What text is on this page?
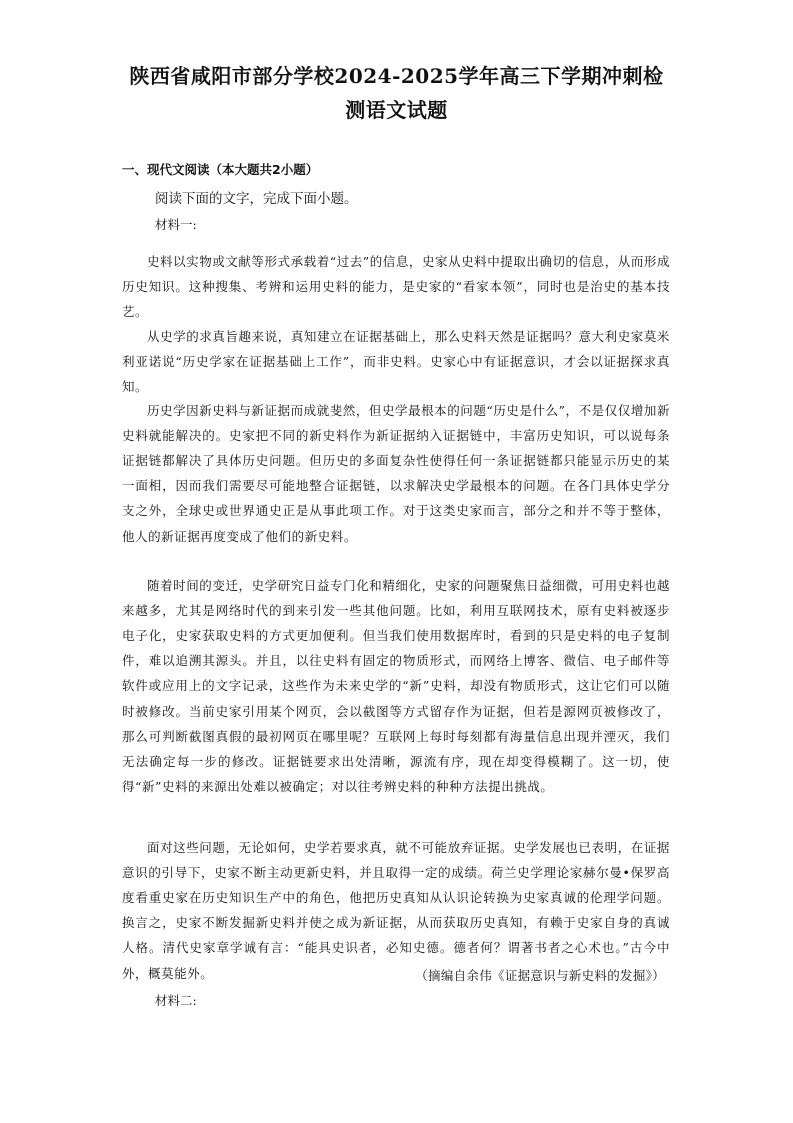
陕西省咸阳市部分学校2024-2025学年高三下学期冲刺检
测语文试题
一、现代文阅读（本大题共2小题）
阅读下面的文字，完成下面小题。
材料一:

史料以实物或文献等形式承载着“过去”的信息，史家从史料中提取出确切的信息，从而形成历史知识。这种搜集、考辨和运用史料的能力，是史家的“看家本领”，同时也是治史的基本技艺。

从史学的求真旨趣来说，真知建立在证据基础上，那么史料天然是证据吗？意大利史家莫米利亚诺说“历史学家在证据基础上工作”，而非史料。史家心中有证据意识，才会以证据探求真知。

历史学因新史料与新证据而成就斐然，但史学最根本的问题“历史是什么”，不是仅仅增加新史料就能解决的。史家把不同的新史料作为新证据纳入证据链中，丰富历史知识，可以说每条证据链都解决了具体历史问题。但历史的多面复杂性使得任何一条证据链都只能显示历史的某一面相，因而我们需要尽可能地整合证据链，以求解决史学最根本的问题。在各门具体史学分支之外，全球史或世界通史正是从事此项工作。对于这类史家而言，部分之和并不等于整体，他人的新证据再度变成了他们的新史料。

随着时间的变迁，史学研究日益专门化和精细化，史家的问题聚焦日益细微，可用史料也越来越多，尤其是网络时代的到来引发一些其他问题。比如，利用互联网技术，原有史料被逐步电子化，史家获取史料的方式更加便利。但当我们使用数据库时，看到的只是史料的电子复制件，难以追溯其源头。并且，以往史料有固定的物质形式，而网络上博客、微信、电子邮件等软件或应用上的文字记录，这些作为未来史学的“新”史料，却没有物质形式，这让它们可以随时被修改。当前史家引用某个网页，会以截图等方式留存作为证据，但若是源网页被修改了，那么可判断截图真假的最初网页在哪里呢？互联网上每时每刻都有海量信息出现并湮灭，我们无法确定每一步的修改。证据链要求出处清晰，源流有序，现在却变得模糊了。这一切，使得“新”史料的来源出处难以被确定；对以往考辨史料的种种方法提出挑战。

面对这些问题，无论如何，史学若要求真，就不可能放弃证据。史学发展也已表明，在证据意识的引导下，史家不断主动更新史料，并且取得一定的成绩。荷兰史学理论家赫尔曼•保罗高度看重史家在历史知识生产中的角色，他把历史真知从认识论转换为史家真诚的伦理学问题。换言之，史家不断发掘新史料并使之成为新证据，从而获取历史真知，有赖于史家自身的真诚人格。清代史家章学诚有言：“能具史识者，必知史德。德者何？谓著书者之心术也。”古今中外，概莫能外。	（摘编自余伟《证据意识与新史料的发掘》）
材料二:
